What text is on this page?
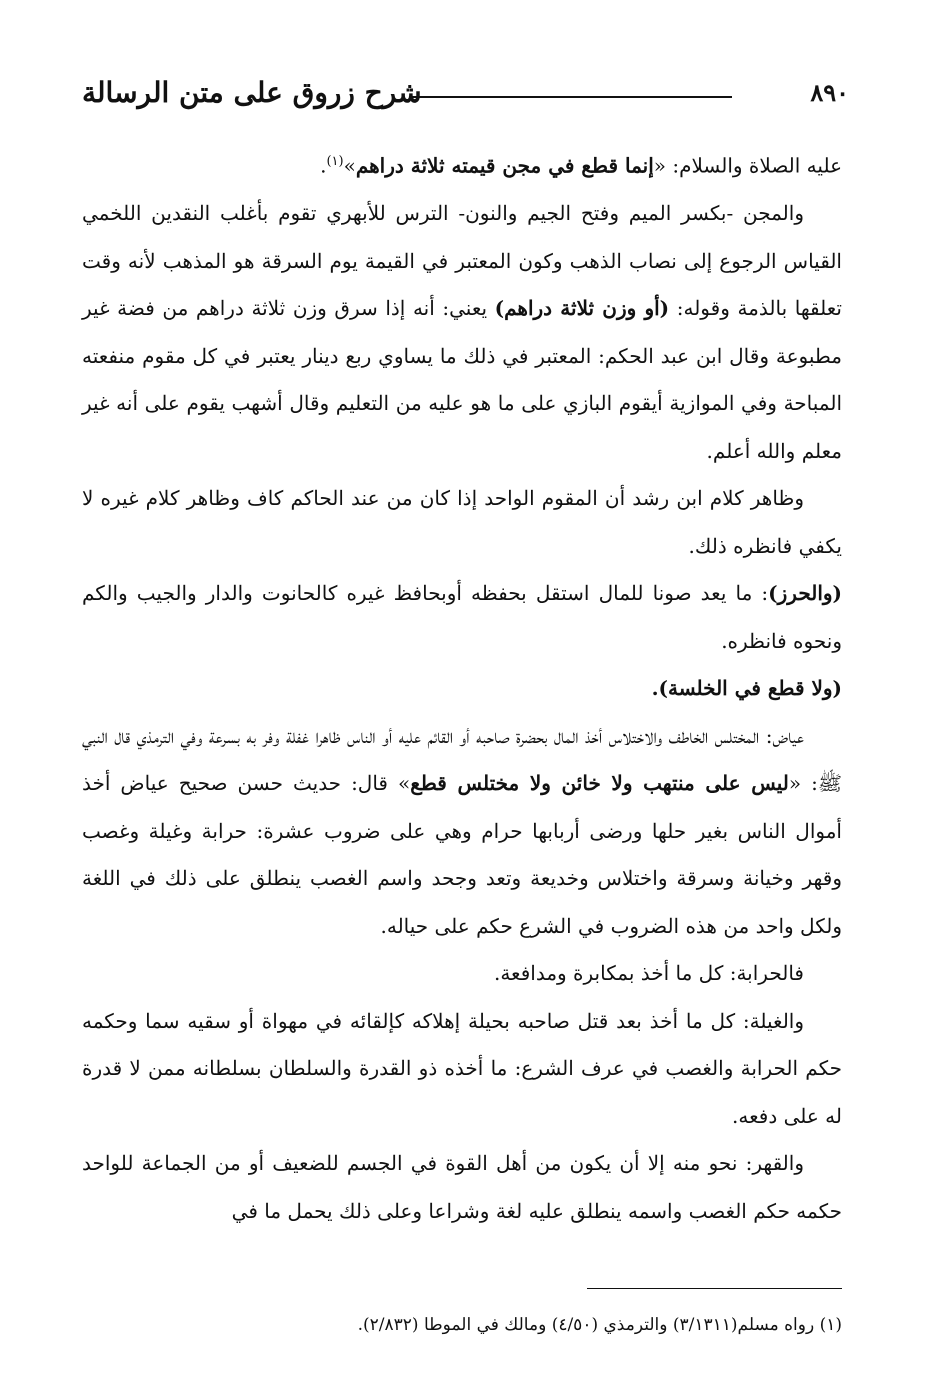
شرح زروق على متن الرسالة	٨٩٠

عليه الصلاة والسلام: «إنما قطع في مجن قيمته ثلاثة دراهم»$^{(١)}$.

والمجن -بكسر الميم وفتح الجيم والنون- الترس للأبهري تقوم بأغلب النقدين اللخمي القياس الرجوع إلى نصاب الذهب وكون المعتبر في القيمة يوم السرقة هو المذهب لأنه وقت تعلقها بالذمة وقوله: (أو وزن ثلاثة دراهم) يعني: أنه إذا سرق وزن ثلاثة دراهم من فضة غير مطبوعة وقال ابن عبد الحكم: المعتبر في ذلك ما يساوي ربع دينار يعتبر في كل مقوم منفعته المباحة وفي الموازية أيقوم البازي على ما هو عليه من التعليم وقال أشهب يقوم على أنه غير معلم والله أعلم.

وظاهر كلام ابن رشد أن المقوم الواحد إذا كان من عند الحاكم كاف وظاهر كلام غيره لا يكفي فانظره ذلك.

(والحرز): ما يعد صونا للمال استقل بحفظه أوبحافظ غيره كالحانوت والدار والجيب والكم ونحوه فانظره.

(ولا قطع في الخلسة).

عياض: المختلس الخاطف والاختلاس أخذ المال بحضرة صاحبه أو القائم عليه أو الناس ظاهرا غفلة وفر به بسرعة وفي الترمذي قال النبي ﷺ: «ليس على منتهب ولا خائن ولا مختلس قطع» قال: حديث حسن صحيح عياض أخذ أموال الناس بغير حلها ورضى أربابها حرام وهي على ضروب عشرة: حرابة وغيلة وغصب وقهر وخيانة وسرقة واختلاس وخديعة وتعد وجحد واسم الغصب ينطلق على ذلك في اللغة ولكل واحد من هذه الضروب في الشرع حكم على حياله.

فالحرابة: كل ما أخذ بمكابرة ومدافعة.

والغيلة: كل ما أخذ بعد قتل صاحبه بحيلة إهلاكه كإلقائه في مهواة أو سقيه سما وحكمه حكم الحرابة والغصب في عرف الشرع: ما أخذه ذو القدرة والسلطان بسلطانه ممن لا قدرة له على دفعه.

والقهر: نحو منه إلا أن يكون من أهل القوة في الجسم للضعيف أو من الجماعة للواحد حكمه حكم الغصب واسمه ينطلق عليه لغة وشراعا وعلى ذلك يحمل ما في

(١) رواه مسلم(٣/١٣١١) والترمذي (٤/٥٠) ومالك في الموطا (٢/٨٣٢).
